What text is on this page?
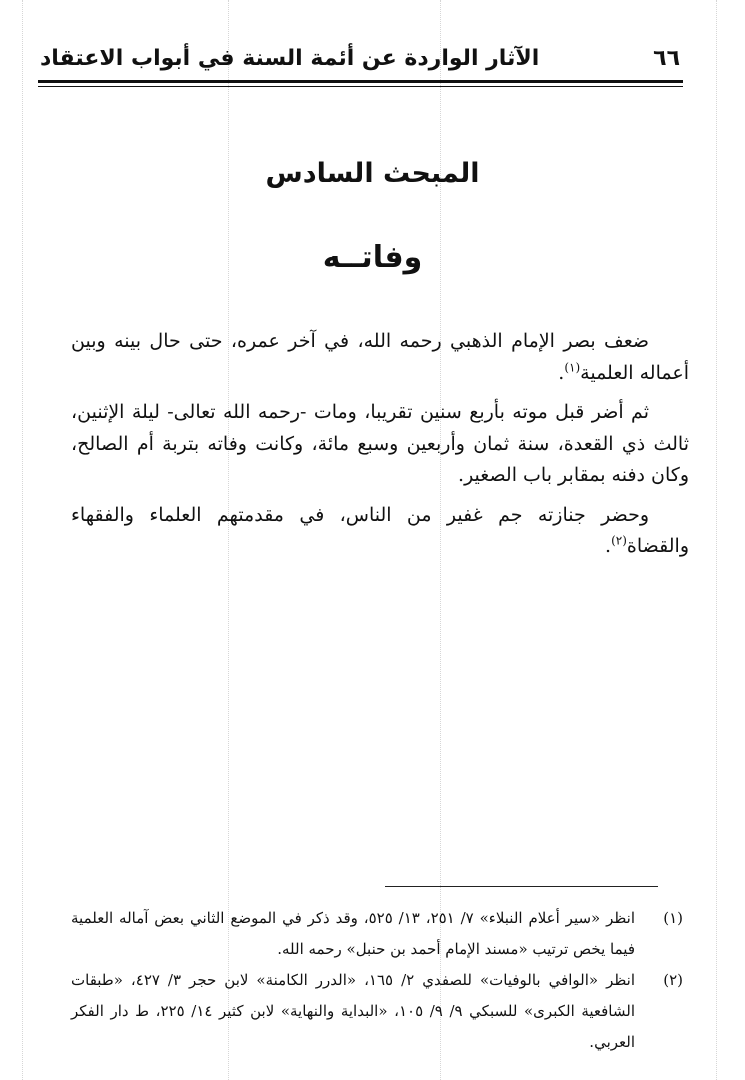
٦٦
الآثار الواردة عن أئمة السنة في أبواب الاعتقاد
المبحث السادس
وفاتــه

ضعف بصر الإمام الذهبي رحمه الله، في آخر عمره، حتى حال بينه وبين أعماله العلمية$^{(١)}$.

ثم أضر قبل موته بأربع سنين تقريبا، ومات -رحمه الله تعالى- ليلة الإثنين، ثالث ذي القعدة، سنة ثمان وأربعين وسبع مائة، وكانت وفاته بتربة أم الصالح، وكان دفنه بمقابر باب الصغير.

وحضر جنازته جم غفير من الناس، في مقدمتهم العلماء والفقهاء والقضاة$^{(٢)}$.

(١)
انظر «سير أعلام النبلاء» ٧/ ٢٥١، ١٣/ ٥٢٥، وقد ذكر في الموضع الثاني بعض آماله العلمية فيما يخص ترتيب «مسند الإمام أحمد بن حنبل» رحمه الله.
(٢)
انظر «الوافي بالوفيات» للصفدي ٢/ ١٦٥، «الدرر الكامنة» لابن حجر ٣/ ٤٢٧، «طبقات الشافعية الكبرى» للسبكي ٩/ ٩/ ١٠٥، «البداية والنهاية» لابن كثير ١٤/ ٢٢٥، ط دار الفكر العربي.
